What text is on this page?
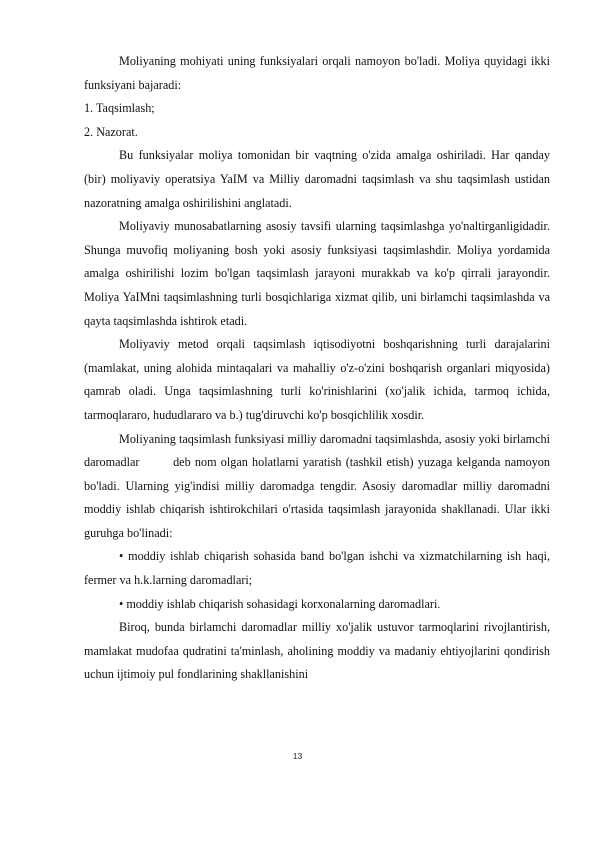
Moliyaning mohiyati uning funksiyalari orqali namoyon bo'ladi. Moliya quyidagi ikki funksiyani bajaradi:

1. Taqsimlash;

2. Nazorat.

Bu funksiyalar moliya tomonidan bir vaqtning o'zida amalga oshiriladi. Har qanday (bir) moliyaviy operatsiya YaIM va Milliy daromadni taqsimlash va shu taqsimlash ustidan nazoratning amalga oshirilishini anglatadi.

Moliyaviy munosabatlarning asosiy tavsifi ularning taqsimlashga yo'naltirganligidadir. Shunga muvofiq moliyaning bosh yoki asosiy funksiyasi taqsimlashdir. Moliya yordamida amalga oshirilishi lozim bo'lgan taqsimlash jarayoni murakkab va ko'p qirrali jarayondir. Moliya YaIMni taqsimlashning turli bosqichlariga xizmat qilib, uni birlamchi taqsimlashda va qayta taqsimlashda ishtirok etadi.

Moliyaviy metod orqali taqsimlash iqtisodiyotni boshqarishning turli darajalarini (mamlakat, uning alohida mintaqalari va mahalliy o'z-o'zini boshqarish organlari miqyosida) qamrab oladi. Unga taqsimlashning turli ko'rinishlarini (xo'jalik ichida, tarmoq ichida, tarmoqlararo, hududlararo va b.) tug'diruvchi ko'p bosqichlilik xosdir.

Moliyaning taqsimlash funksiyasi milliy daromadni taqsimlashda, asosiy yoki birlamchi daromadlar        deb nom olgan holatlarni yaratish (tashkil etish) yuzaga kelganda namoyon bo'ladi. Ularning yig'indisi milliy daromadga tengdir. Asosiy daromadlar milliy daromadni moddiy ishlab chiqarish ishtirokchilari o'rtasida taqsimlash jarayonida shakllanadi. Ular ikki guruhga bo'linadi:

• moddiy ishlab chiqarish sohasida band bo'lgan ishchi va xizmatchilarning ish haqi, fermer va h.k.larning daromadlari;

• moddiy ishlab chiqarish sohasidagi korxonalarning daromadlari.

Biroq, bunda birlamchi daromadlar milliy xo'jalik ustuvor tarmoqlarini rivojlantirish, mamlakat mudofaa qudratini ta'minlash, aholining moddiy va madaniy ehtiyojlarini qondirish uchun ijtimoiy pul fondlarining shakllanishini

13
